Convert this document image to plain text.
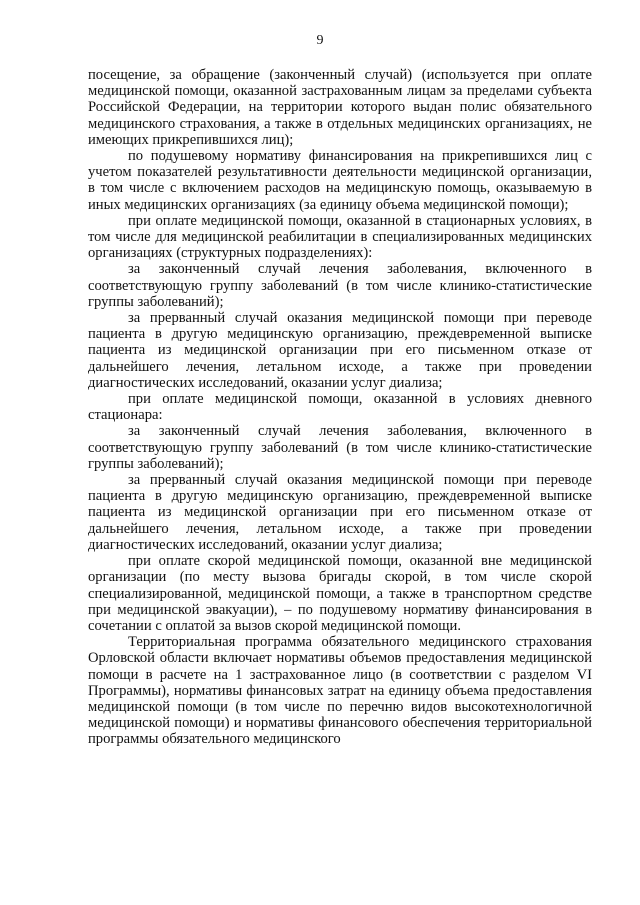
9

посещение, за обращение (законченный случай) (используется при оплате медицинской помощи, оказанной застрахованным лицам за пределами субъекта Российской Федерации, на территории которого выдан полис обязательного медицинского страхования, а также в отдельных медицинских организациях, не имеющих прикрепившихся лиц);

по подушевому нормативу финансирования на прикрепившихся лиц с учетом показателей результативности деятельности медицинской организации, в том числе с включением расходов на медицинскую помощь, оказываемую в иных медицинских организациях (за единицу объема медицинской помощи);

при оплате медицинской помощи, оказанной в стационарных условиях, в том числе для медицинской реабилитации в специализированных медицинских организациях (структурных подразделениях):

за законченный случай лечения заболевания, включенного в соответствующую группу заболеваний (в том числе клинико-статистические группы заболеваний);

за прерванный случай оказания медицинской помощи при переводе пациента в другую медицинскую организацию, преждевременной выписке пациента из медицинской организации при его письменном отказе от дальнейшего лечения, летальном исходе, а также при проведении диагностических исследований, оказании услуг диализа;

при оплате медицинской помощи, оказанной в условиях дневного стационара:

за законченный случай лечения заболевания, включенного в соответствующую группу заболеваний (в том числе клинико-статистические группы заболеваний);

за прерванный случай оказания медицинской помощи при переводе пациента в другую медицинскую организацию, преждевременной выписке пациента из медицинской организации при его письменном отказе от дальнейшего лечения, летальном исходе, а также при проведении диагностических исследований, оказании услуг диализа;

при оплате скорой медицинской помощи, оказанной вне медицинской организации (по месту вызова бригады скорой, в том числе скорой специализированной, медицинской помощи, а также в транспортном средстве при медицинской эвакуации), – по подушевому нормативу финансирования в сочетании с оплатой за вызов скорой медицинской помощи.

Территориальная программа обязательного медицинского страхования Орловской области включает нормативы объемов предоставления медицинской помощи в расчете на 1 застрахованное лицо (в соответствии с разделом VI Программы), нормативы финансовых затрат на единицу объема предоставления медицинской помощи (в том числе по перечню видов высокотехнологичной медицинской помощи) и нормативы финансового обеспечения территориальной программы обязательного медицинского
